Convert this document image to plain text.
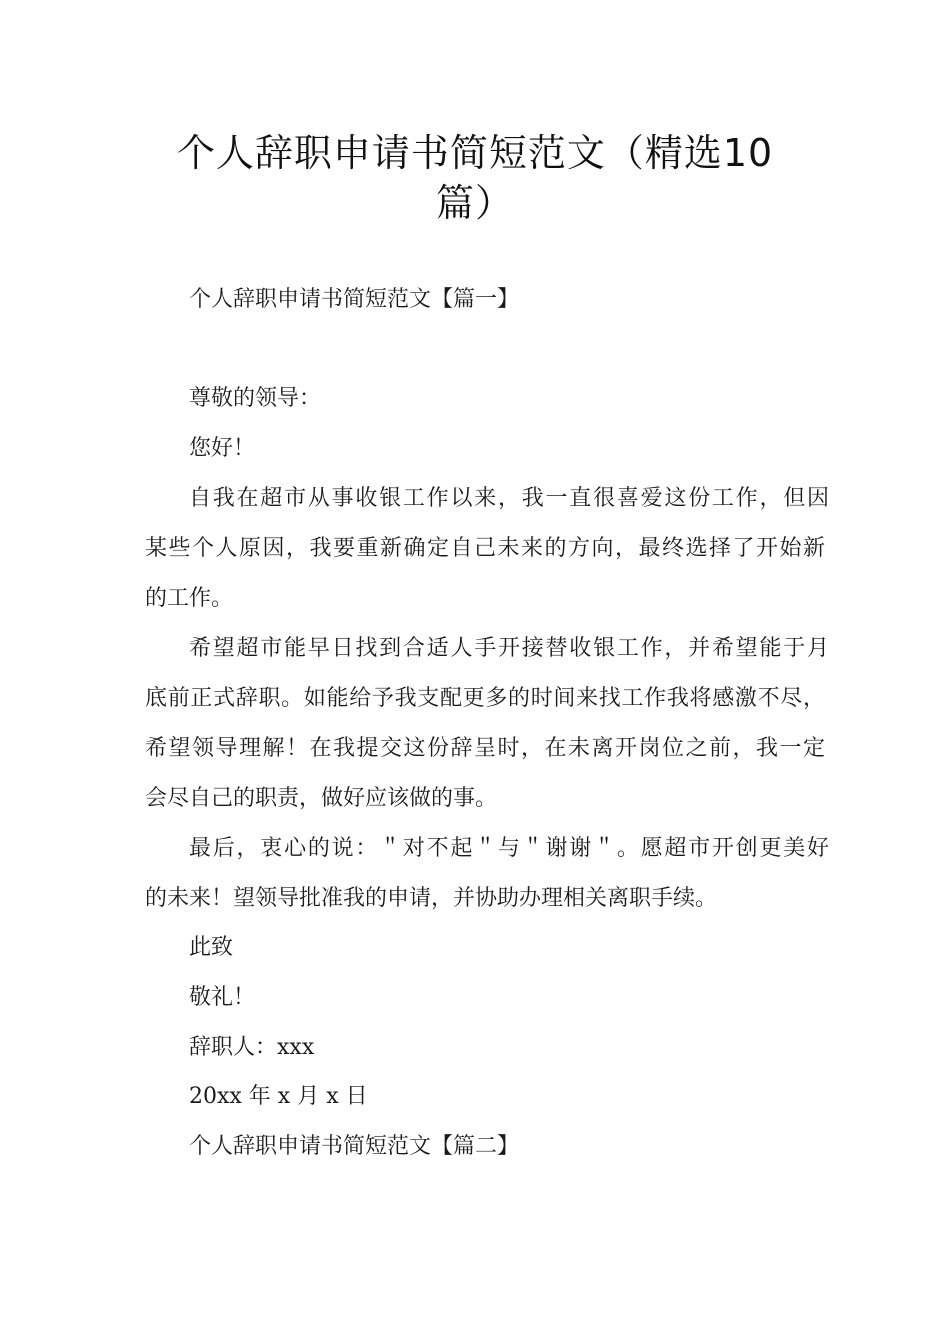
个人辞职申请书简短范文（精选10
篇）

个人辞职申请书简短范文【篇一】

尊敬的领导：

您好！

自我在超市从事收银工作以来，我一直很喜爱这份工作，但因

某些个人原因，我要重新确定自己未来的方向，最终选择了开始新

的工作。

希望超市能早日找到合适人手开接替收银工作，并希望能于月

底前正式辞职。如能给予我支配更多的时间来找工作我将感激不尽，

希望领导理解！在我提交这份辞呈时，在未离开岗位之前，我一定

会尽自己的职责，做好应该做的事。

最后，衷心的说：＂对不起＂与＂谢谢＂。愿超市开创更美好

的未来！望领导批准我的申请，并协助办理相关离职手续。

此致

敬礼！

辞职人：xxx

20xx 年 x 月 x 日

个人辞职申请书简短范文【篇二】
